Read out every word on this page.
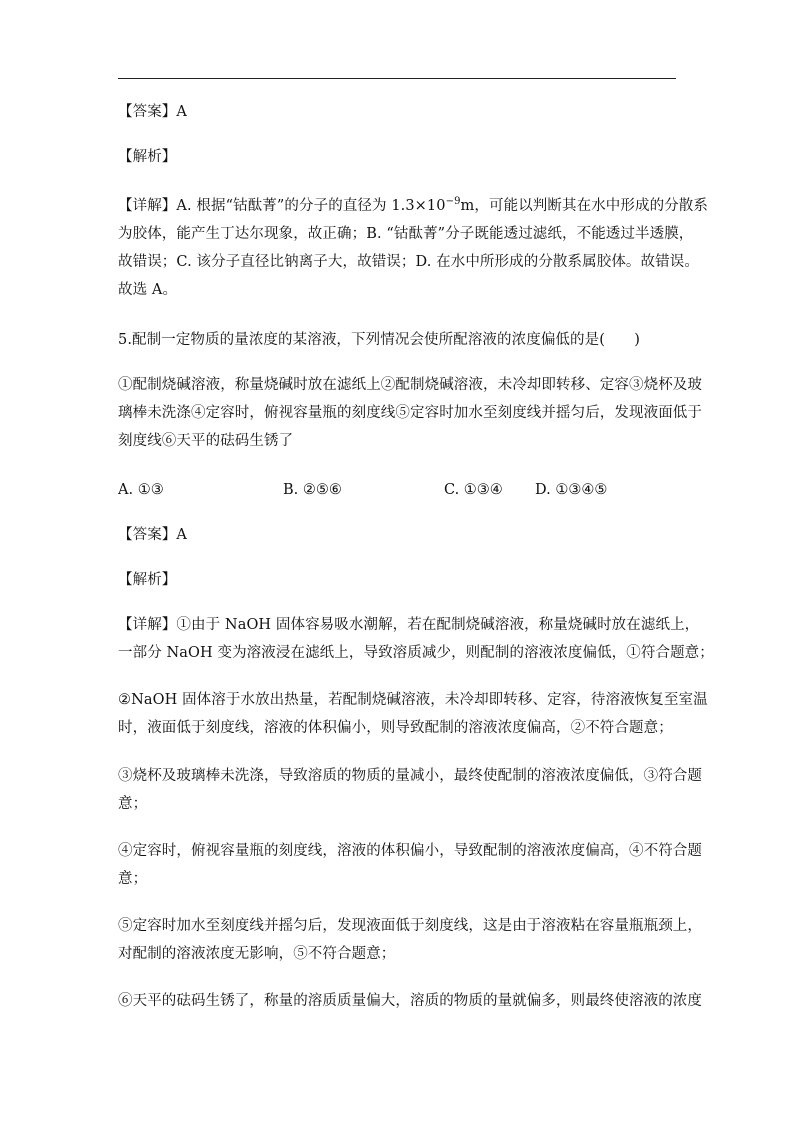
【答案】A
【解析】
【详解】A. 根据“钴酞菁”的分子的直径为 $1.3\times 10^{-9}m$，可能以判断其在水中形成的分散系
为胶体，能产生丁达尔现象，故正确；B. “钴酞菁”分子既能透过滤纸，不能透过半透膜，
故错误；C. 该分子直径比钠离子大，故错误；D. 在水中所形成的分散系属胶体。故错误。
故选 A。
5.配制一定物质的量浓度的某溶液，下列情况会使所配溶液的浓度偏低的是(　　)
①配制烧碱溶液，称量烧碱时放在滤纸上②配制烧碱溶液，未冷却即转移、定容③烧杯及玻
璃棒未洗涤④定容时，俯视容量瓶的刻度线⑤定容时加水至刻度线并摇匀后，发现液面低于
刻度线⑥天平的砝码生锈了
A. ①③	B. ②⑤⑥	C. ①③④ D. ①③④⑤
【答案】A
【解析】
【详解】①由于 NaOH 固体容易吸水潮解，若在配制烧碱溶液，称量烧碱时放在滤纸上，
一部分 NaOH 变为溶液浸在滤纸上，导致溶质减少，则配制的溶液浓度偏低，①符合题意；
②NaOH 固体溶于水放出热量，若配制烧碱溶液，未冷却即转移、定容，待溶液恢复至室温
时，液面低于刻度线，溶液的体积偏小，则导致配制的溶液浓度偏高，②不符合题意；
③烧杯及玻璃棒未洗涤，导致溶质的物质的量减小，最终使配制的溶液浓度偏低，③符合题
意；
④定容时，俯视容量瓶的刻度线，溶液的体积偏小，导致配制的溶液浓度偏高，④不符合题
意；
⑤定容时加水至刻度线并摇匀后，发现液面低于刻度线，这是由于溶液粘在容量瓶瓶颈上，
对配制的溶液浓度无影响，⑤不符合题意；
⑥天平的砝码生锈了，称量的溶质质量偏大，溶质的物质的量就偏多，则最终使溶液的浓度
